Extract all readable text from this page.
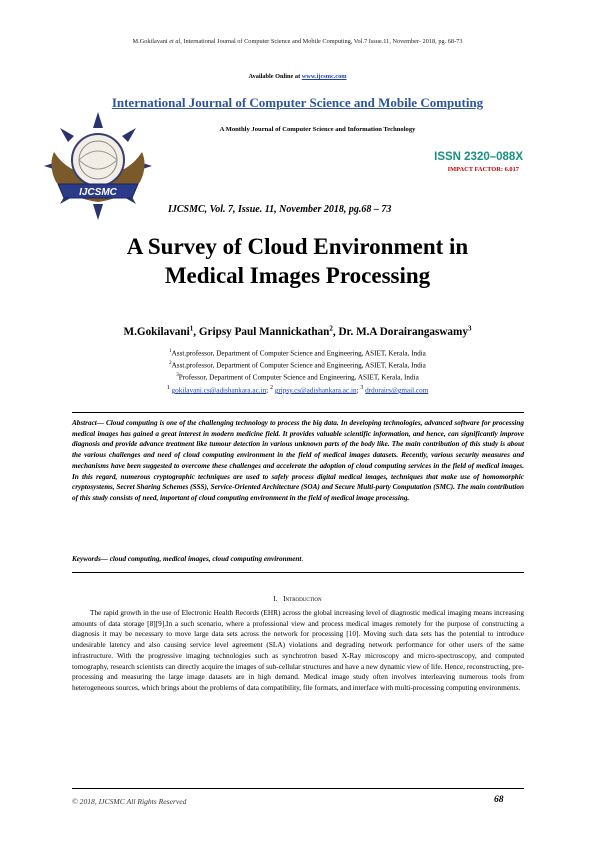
M.Gokilavani et al, International Journal of Computer Science and Mobile Computing, Vol.7 Issue.11, November- 2018, pg. 68-73
Available Online at www.ijcsmc.com
International Journal of Computer Science and Mobile Computing
A Monthly Journal of Computer Science and Information Technology
IJCSMC
ISSN 2320–088X
IMPACT FACTOR: 6.017
IJCSMC, Vol. 7, Issue. 11, November 2018, pg.68 – 73
A Survey of Cloud Environment in
Medical Images Processing
M.Gokilavani$^1$, Gripsy Paul Mannickathan$^2$, Dr. M.A Dorairangaswamy$^3$
$^1$Asst.professor, Department of Computer Science and Engineering, ASIET, Kerala, India
$^2$Asst.professor, Department of Computer Science and Engineering, ASIET, Kerala, India
$^3$Professor, Department of Computer Science and Engineering, ASIET, Kerala, India
$^1$ gokilavani.cs@adishankara.ac.in; $^2$ gripsy.cs@adishankara.ac.in; $^3$ drdorairs@gmail.com
Abstract— Cloud computing is one of the challenging technology to process the big data. In developing technologies, advanced software for processing medical images has gained a great interest in modern medicine field. It provides valuable scientific information, and hence, can significantly improve diagnosis and provide advance treatment like tumour detection in various unknown parts of the body like. The main contribution of this study is about the various challenges and need of cloud computing environment in the field of medical images datasets. Recently, various security measures and mechanisms have been suggested to overcome these challenges and accelerate the adoption of cloud computing services in the field of medical images. In this regard, numerous cryptographic techniques are used to safely process digital medical images, techniques that make use of homomorphic cryptosystems, Secret Sharing Schemes (SSS), Service-Oriented Architecture (SOA) and Secure Multi-party Computation (SMC). The main contribution of this study consists of need, important of cloud computing environment in the field of medical image processing.
Keywords— cloud computing, medical images, cloud computing environment.
I. Introduction
The rapid growth in the use of Electronic Health Records (EHR) across the global increasing level of diagnostic medical imaging means increasing amounts of data storage [8][9].In a such scenario, where a professional view and process medical images remotely for the purpose of constructing a diagnosis it may be necessary to move large data sets across the network for processing [10]. Moving such data sets has the potential to introduce undesirable latency and also causing service level agreement (SLA) violations and degrading network performance for other users of the same infrastructure. With the progressive imaging technologies such as synchrotron based X-Ray microscopy and micro-spectroscopy, and computed tomography, research scientists can directly acquire the images of sub-cellular structures and have a new dynamic view of life. Hence, reconstructing, pre-processing and measuring the large image datasets are in high demand. Medical image study often involves interleaving numerous tools from heterogeneous sources, which brings about the problems of data compatibility, file formats, and interface with multi-processing computing environments.
© 2018, IJCSMC All Rights Reserved	68
